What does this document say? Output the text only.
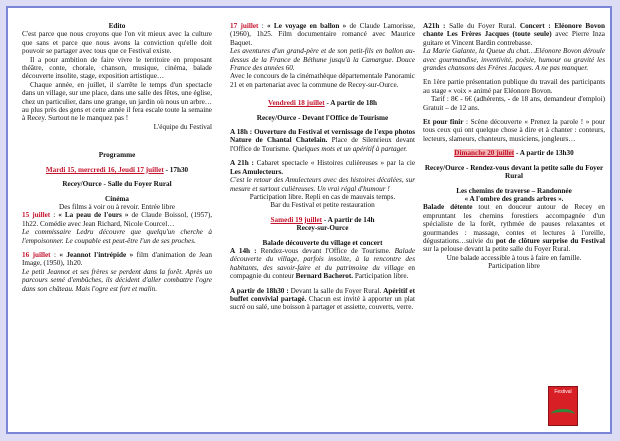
Edito

C'est parce que nous croyons que l'on vit mieux avec la culture que sans et parce que nous avons la conviction qu'elle doit pouvoir se partager avec tous que ce Festival existe.

Il a pour ambition de faire vivre le territoire en proposant théâtre, conte, chorale, chanson, musique, cinéma, balade découverte insolite, stage, exposition artistique…

Chaque année, en juillet, il s'arrête le temps d'un spectacle dans un village, sur une place, dans une salle des fêtes, une église, chez un particulier, dans une grange, un jardin où nous un arbre…au plus près des gens et cette année il fera escale toute la semaine à Recey. Surtout ne le manquez pas !

L'équipe du Festival

Programme

Mardi 15, mercredi 16, Jeudi 17 juillet - 17h30

Recey/Ource - Salle du Foyer Rural

Cinéma

Des films à voir ou à revoir. Entrée libre

15 juillet : « La peau de l'ours » de Claude Boissol, (1957), 1h22. Comédie avec Jean Richard, Nicole Courcel…

Le commissaire Ledru découvre que quelqu'un cherche à l'empoisonner. Le coupable est peut-être l'un de ses proches.

16 juillet : « Jeannot l'intrépide » film d'animation de Jean Image, (1950), 1h20.

Le petit Jeannot et ses frères se perdent dans la forêt. Après un parcours semé d'embûches, ils décident d'aller combattre l'ogre dans son château. Mais l'ogre est fort et malin.

17 juillet : « Le voyage en ballon » de Claude Lamorisse, (1960), 1h25. Film documentaire romancé avec Maurice Baquet.

Les aventures d'un grand-père et de son petit-fils en ballon au-dessus de la France de Béthune jusqu'à la Camargue. Douce France des années 60.

Avec le concours de la cinémathèque départementale Panoramic 21 et en partenariat avec la commune de Recey-sur-Ource.

Vendredi 18 juillet - A partir de 18h

Recey/Ource - Devant l'Office de Tourisme

A 18h : Ouverture du Festival et vernissage de l'expo photos Nature de Chantal Chatelain. Place de Silenrieux devant l'Office de Tourisme. Quelques mots et un apéritif à partager.

A 21h : Cabaret spectacle « Histoires culièreuses » par la cie Les Amulecteurs.

C'est le retour des Amulecteurs avec des histoires décalées, sur mesure et surtout culièreuses. Un vrai régal d'humour !

Participation libre. Repli en cas de mauvais temps.

Bar du Festival et petite restauration

Samedi 19 juillet - A partir de 14h

Recey-sur-Ource

Balade découverte du village et concert

A 14h : Rendez-vous devant l'Office de Tourisme. Balade découverte du village, parfois insolite, à la rencontre des habitants, des savoir-faire et du patrimoine du village en compagnie du conteur Bernard Bacherot. Participation libre.

A partir de 18h30 : Devant la salle du Foyer Rural. Apéritif et buffet convivial partagé. Chacun est invité à apporter un plat sucré ou salé, une boisson à partager et assiette, couverts, verre.

A21h : Salle du Foyer Rural. Concert : Eléonore Bovon chante Les Frères Jacques (toute seule) avec Pierre Inza guitare et Vincent Bardin contrebasse.

La Marie Galante, la Queue du chat…Eléonore Bovon déroule avec gourmandise, inventivité, poésie, humour ou gravité les grandes chansons des Frères Jacques. A ne pas manquer.

En 1ère partie présentation publique du travail des participants au stage « voix » animé par Eléonore Bovon.

Tarif : 8€ - 6€ (adhérents, - de 18 ans, demandeur d'emploi) Gratuit – de 12 ans.

Et pour finir : Scène découverte « Prenez la parole ! » pour tous ceux qui ont quelque chose à dire et à chanter : conteurs, lecteurs, slameurs, chanteurs, musiciens, jongleurs…

Dimanche 20 juillet - A partir de 13h30

Recey/Ource - Rendez-vous devant la petite salle du Foyer Rural

Les chemins de traverse – Randonnée

« A l'ombre des grands arbres ».

Balade détente tout en douceur autour de Recey en empruntant les chemins forestiers accompagnée d'un spécialiste de la forêt, rythmée de pauses relaxantes et gourmandes : massage, contes et lectures à l'oreille, dégustations…suivie du pot de clôture surprise du Festival sur la pelouse devant la petite salle du Foyer Rural.

Une balade accessible à tous à faire en famille.

Participation libre

Festival
